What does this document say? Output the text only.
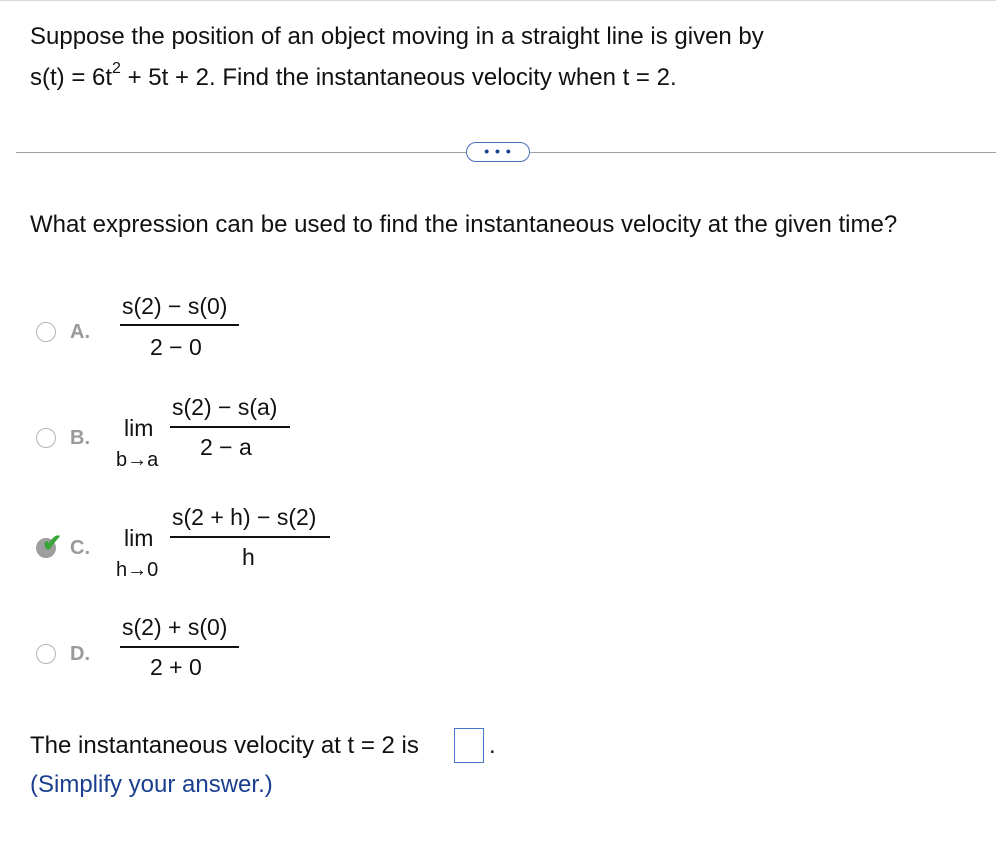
Suppose the position of an object moving in a straight line is given by
$s(t) = 6t^2 + 5t + 2$. Find the instantaneous velocity when t = 2.
• • •
What expression can be used to find the instantaneous velocity at the given time?
A.
s(2) − s(0)
2 − 0
B. lim
b→a
s(2) − s(a)
2 − a
✔ C. lim
h→0
s(2 + h) − s(2)
h
D.
s(2) + s(0)
2 + 0
The instantaneous velocity at t = 2 is	.
(Simplify your answer.)
